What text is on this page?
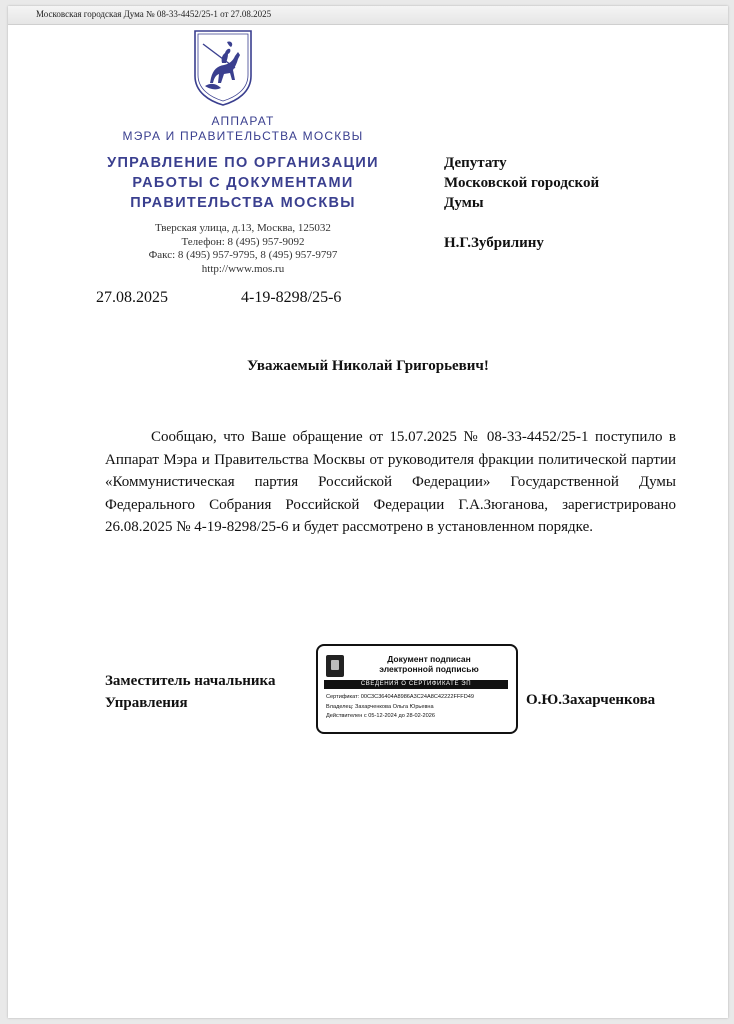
Московская городская Дума № 08-33-4452/25-1 от 27.08.2025
АППАРАТ
МЭРА И ПРАВИТЕЛЬСТВА МОСКВЫ
УПРАВЛЕНИЕ ПО ОРГАНИЗАЦИИ
РАБОТЫ С ДОКУМЕНТАМИ
ПРАВИТЕЛЬСТВА МОСКВЫ
Тверская улица, д.13, Москва, 125032
Телефон: 8 (495) 957-9092
Факс: 8 (495) 957-9795, 8 (495) 957-9797
http://www.mos.ru
27.08.2025	4-19-8298/25-6
Депутату
Московской городской
Думы
Н.Г.Зубрилину
Уважаемый Николай Григорьевич!
Сообщаю, что Ваше обращение от 15.07.2025 № 08-33-4452/25-1 поступило в Аппарат Мэра и Правительства Москвы от руководителя фракции политической партии «Коммунистическая партия Российской Федерации» Государственной Думы Федерального Собрания Российской Федерации Г.А.Зюганова, зарегистрировано 26.08.2025 № 4-19-8298/25-6 и будет рассмотрено в установленном порядке.
Заместитель начальника
Управления
Документ подписан
электронной подписью
СВЕДЕНИЯ О СЕРТИФИКАТЕ ЭП
Сертификат: 00C3C36404A8986A3C24A8C42222FFFD49
Владелец: Захарченкова Ольга Юрьевна
Действителен с 05-12-2024 до 28-02-2026
О.Ю.Захарченкова
